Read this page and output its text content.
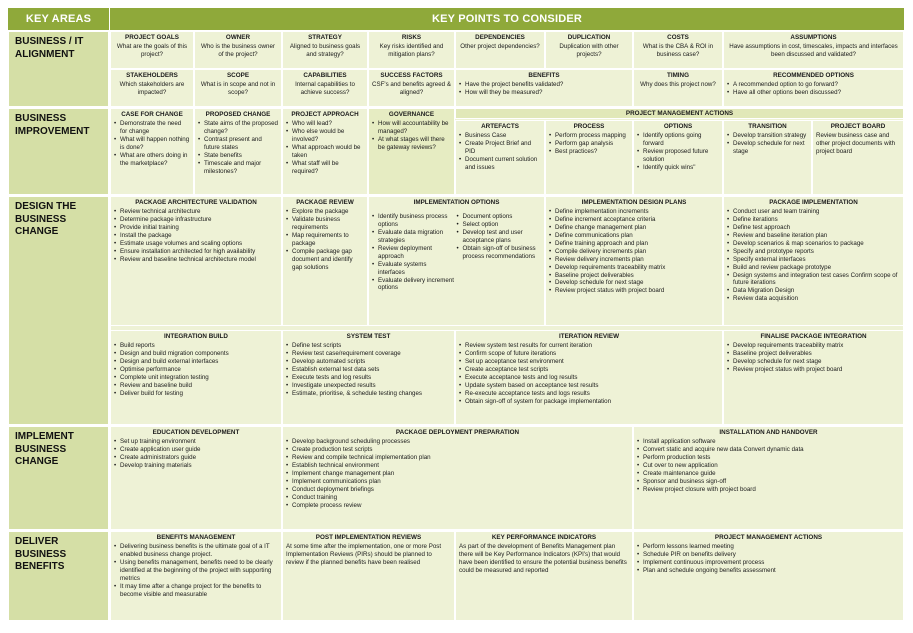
KEY AREAS	KEY POINTS TO CONSIDER
BUSINESS / IT ALIGNMENT
BUSINESS IMPROVEMENT
DESIGN THE BUSINESS CHANGE
IMPLEMENT BUSINESS CHANGE
DELIVER BUSINESS BENEFITS
PROJECT GOALS
What are the goals of this project?
OWNER
Who is the business owner of the project?
STRATEGY
Aligned to business goals and strategy?
RISKS
Key risks identified and mitigation plans?
DEPENDENCIES
Other project dependencies?
DUPLICATION
Duplication with other projects?
COSTS
What is the CBA & ROI in business case?
ASSUMPTIONS
Have assumptions in cost, timescales, impacts and interfaces been discussed and validated?
STAKEHOLDERS
Which stakeholders are impacted?
SCOPE
What is in scope and not in scope?
CAPABILITIES
Internal capabilities to achieve success?
SUCCESS FACTORS
CSF's and benefits agreed & aligned?
BENEFITS
• Have the project benefits validated?
• How will they be measured?
TIMING
Why does this project now?
RECOMMENDED OPTIONS
• A recommended option to go forward?
• Have all other options been discussed?
CASE FOR CHANGE
• Demonstrate the need for change
• What will happen nothing is done?
• What are others doing in the marketplace?
PROPOSED CHANGE
• State aims of the proposed change?
• Contrast present and future states
• State benefits
• Timescale and major milestones?
PROJECT APPROACH
• Who will lead?
• Who else would be involved?
• What approach would be taken
• What staff will be required?
GOVERNANCE
• How will accountability be managed?
• At what stages will there be gateway reviews?
PROJECT MANAGEMENT ACTIONS
ARTEFACTS
• Business Case
• Create Project Brief and PID
• Document current solution and issues
PROCESS
• Perform process mapping
• Perform gap analysis
• Best practices?
OPTIONS
• Identify options going forward
• Review proposed future solution
• Identify quick wins"
TRANSITION
• Develop transition strategy
• Develop schedule for next stage
PROJECT BOARD
Review business case and other project documents with project board
PACKAGE ARCHITECTURE VALIDATION
• Review technical architecture
• Determine package infrastructure
• Provide initial training
• Install the package
• Estimate usage volumes and scaling options
• Ensure installation architected for high availability
• Review and baseline technical architecture model
PACKAGE REVIEW
• Explore the package
• Validate business requirements
• Map requirements to package
• Compile package gap document and identify gap solutions
IMPLEMENTATION OPTIONS
• Identify business process options
• Evaluate data migration strategies
• Review deployment approach
• Evaluate systems interfaces
• Evaluate delivery increment options
• Document options
• Select option
• Develop test and user acceptance plans
• Obtain sign-off of business process recommendations
IMPLEMENTATION DESIGN PLANS
• Define implementation increments
• Define increment acceptance criteria
• Define change management plan
• Define communications plan
• Define training approach and plan
• Compile delivery increments plan
• Review delivery increments plan
• Develop requirements traceability matrix
• Baseline project deliverables
• Develop schedule for next stage
• Review project status with project board
PACKAGE IMPLEMENTATION
• Conduct user and team training
• Define iterations
• Define test approach
• Review and baseline iteration plan
• Develop scenarios & map scenarios to package
• Specify and prototype reports
• Specify external interfaces
• Build and review package prototype
• Design systems and integration test cases Confirm scope of future iterations
• Data Migration Design
• Review data acquisition
INTEGRATION BUILD
• Build reports
• Design and build migration components
• Design and build external interfaces
• Optimise performance
• Complete unit integration testing
• Review and baseline build
• Deliver build for testing
SYSTEM TEST
• Define test scripts
• Review test case/requirement coverage
• Develop automated scripts
• Establish external test data sets
• Execute tests and log results
• Investigate unexpected results
• Estimate, prioritise, & schedule testing changes
ITERATION REVIEW
• Review system test results for current iteration
• Confirm scope of future iterations
• Set up acceptance test environment
• Create acceptance test scripts
• Execute acceptance tests and log results
• Update system based on acceptance test results
• Re-execute acceptance tests and logs results
• Obtain sign-off of system for package implementation
FINALISE PACKAGE INTEGRATION
• Develop requirements traceability matrix
• Baseline project deliverables
• Develop schedule for next stage
• Review project status with project board
EDUCATION DEVELOPMENT
• Set up training environment
• Create application user guide
• Create administrators guide
• Develop training materials
PACKAGE DEPLOYMENT PREPARATION
• Develop background scheduling processes
• Create production test scripts
• Review and compile technical implementation plan
• Establish technical environment
• Implement change management plan
• Implement communications plan
• Conduct deployment briefings
• Conduct training
• Complete process review
INSTALLATION AND HANDOVER
• Install application software
• Convert static and acquire new data Convert dynamic data
• Perform production tests
• Cut over to new application
• Create maintenance guide
• Sponsor and business sign-off
• Review project closure with project board
BENEFITS MANAGEMENT
• Delivering business benefits is the ultimate goal of a IT enabled business change project.
• Using benefits management, benefits need to be clearly identified at the beginning of the project with supporting metrics
• It may time after a change project for the benefits to become visible and measurable
POST IMPLEMENTATION REVIEWS
At some time after the implementation, one or more Post Implementation Reviews (PIRs) should be planned to review if the planned benefits have been realised
KEY PERFORMANCE INDICATORS
As part of the development of Benefits Management plan there will be Key Performance Indicators (KPI's) that would have been identified to ensure the potential business benefits could be measured and reported
PROJECT MANAGEMENT ACTIONS
• Perform lessons learned meeting
• Schedule PIR on benefits delivery
• Implement continuous improvement process
• Plan and schedule ongoing benefits assessment
